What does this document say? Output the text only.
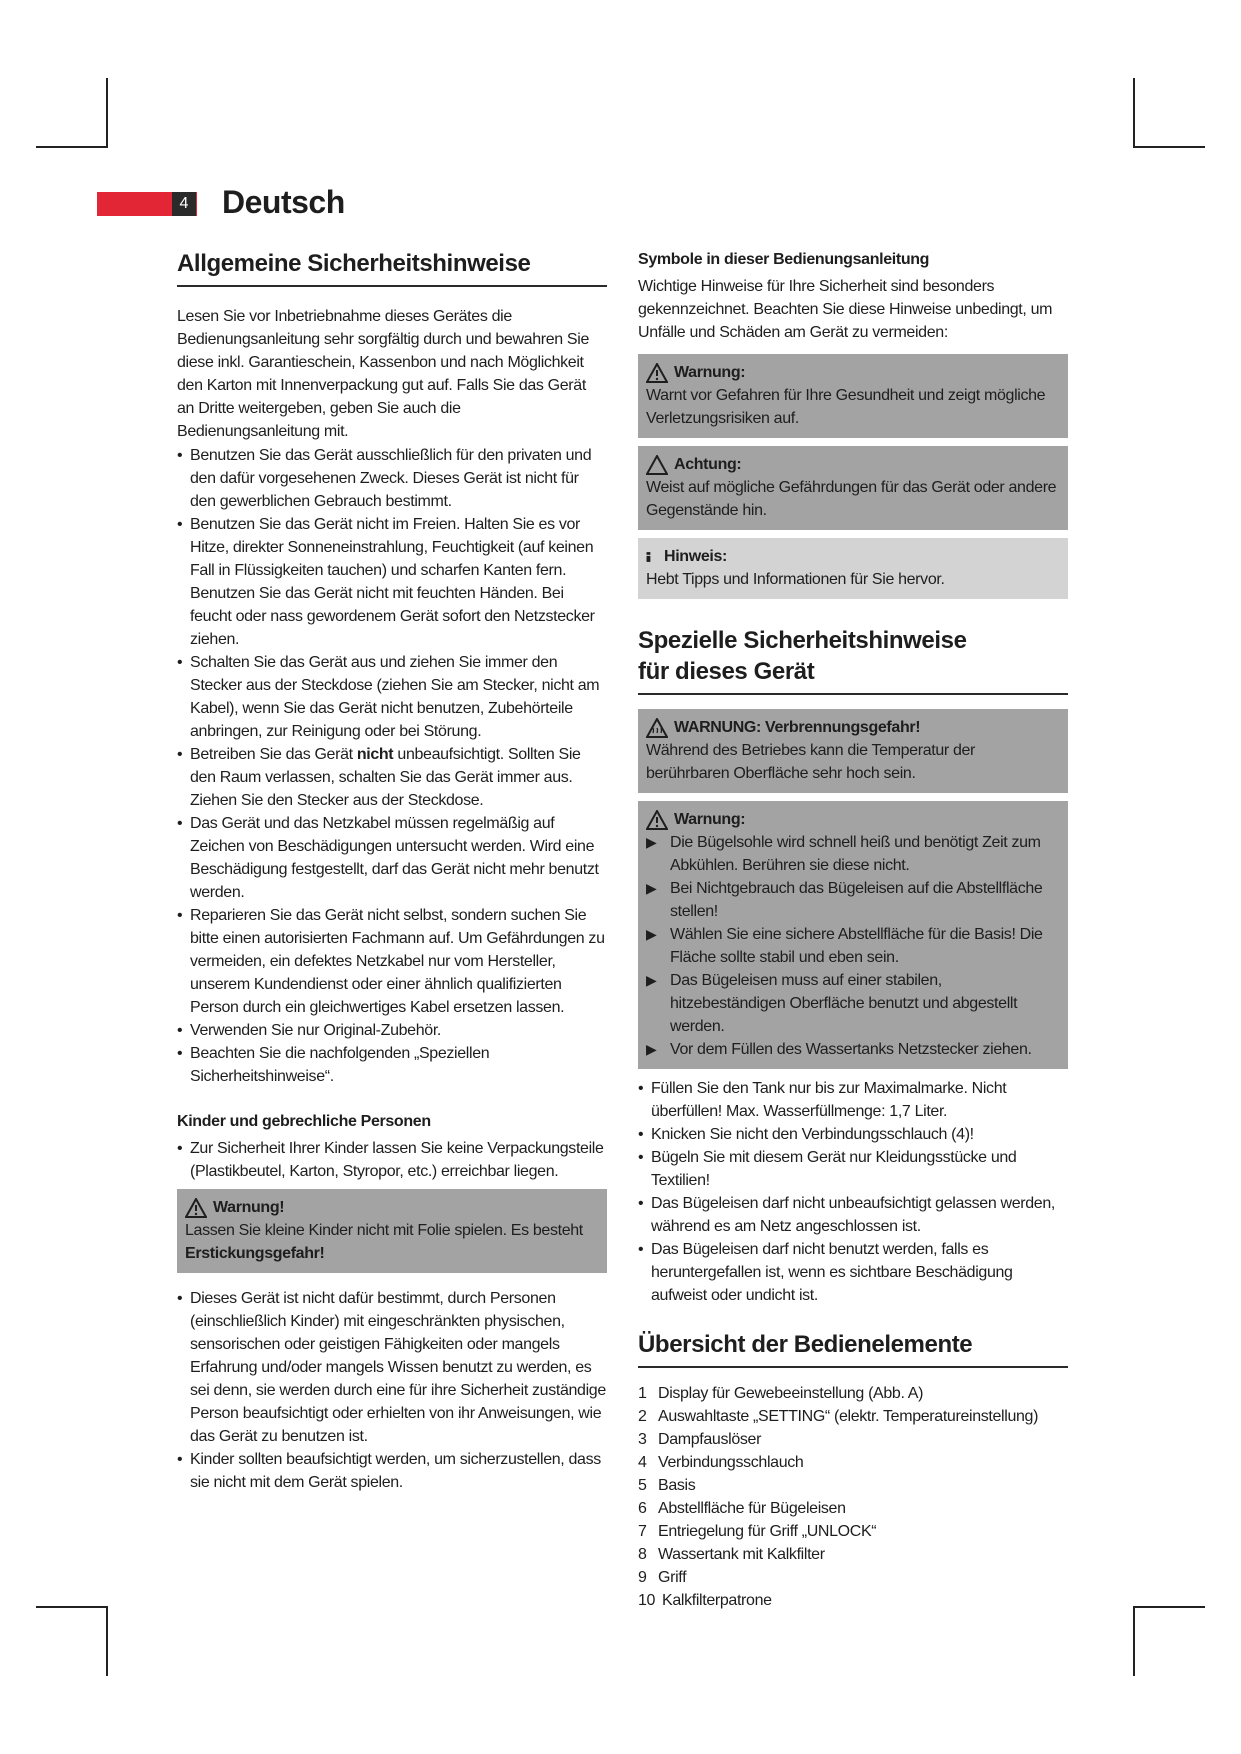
4 Deutsch
Allgemeine Sicherheitshinweise

Lesen Sie vor Inbetriebnahme dieses Gerätes die Bedienungsanleitung sehr sorgfältig durch und bewahren Sie diese inkl. Garantieschein, Kassenbon und nach Möglichkeit den Karton mit Innenverpackung gut auf. Falls Sie das Gerät an Dritte weitergeben, geben Sie auch die Bedienungsanleitung mit.

• Benutzen Sie das Gerät ausschließlich für den privaten und den dafür vorgesehenen Zweck. Dieses Gerät ist nicht für den gewerblichen Gebrauch bestimmt.
• Benutzen Sie das Gerät nicht im Freien. Halten Sie es vor Hitze, direkter Sonneneinstrahlung, Feuchtigkeit (auf keinen Fall in Flüssigkeiten tauchen) und scharfen Kanten fern. Benutzen Sie das Gerät nicht mit feuchten Händen. Bei feucht oder nass gewordenem Gerät sofort den Netzstecker ziehen.
• Schalten Sie das Gerät aus und ziehen Sie immer den Stecker aus der Steckdose (ziehen Sie am Stecker, nicht am Kabel), wenn Sie das Gerät nicht benutzen, Zubehörteile anbringen, zur Reinigung oder bei Störung.
• Betreiben Sie das Gerät nicht unbeaufsichtigt. Sollten Sie den Raum verlassen, schalten Sie das Gerät immer aus. Ziehen Sie den Stecker aus der Steckdose.
• Das Gerät und das Netzkabel müssen regelmäßig auf Zeichen von Beschädigungen untersucht werden. Wird eine Beschädigung festgestellt, darf das Gerät nicht mehr benutzt werden.
• Reparieren Sie das Gerät nicht selbst, sondern suchen Sie bitte einen autorisierten Fachmann auf. Um Gefährdungen zu vermeiden, ein defektes Netzkabel nur vom Hersteller, unserem Kundendienst oder einer ähnlich qualifizierten Person durch ein gleichwertiges Kabel ersetzen lassen.
• Verwenden Sie nur Original-Zubehör.
• Beachten Sie die nachfolgenden „Speziellen Sicherheitshinweise“.
Kinder und gebrechliche Personen
• Zur Sicherheit Ihrer Kinder lassen Sie keine Verpackungsteile (Plastikbeutel, Karton, Styropor, etc.) erreichbar liegen.
Warnung!

Lassen Sie kleine Kinder nicht mit Folie spielen. Es besteht

Erstickungsgefahr!

• Dieses Gerät ist nicht dafür bestimmt, durch Personen (einschließlich Kinder) mit eingeschränkten physischen, sensorischen oder geistigen Fähigkeiten oder mangels Erfahrung und/oder mangels Wissen benutzt zu werden, es sei denn, sie werden durch eine für ihre Sicherheit zuständige Person beaufsichtigt oder erhielten von ihr Anweisungen, wie das Gerät zu benutzen ist.
• Kinder sollten beaufsichtigt werden, um sicherzustellen, dass sie nicht mit dem Gerät spielen.
Symbole in dieser Bedienungsanleitung

Wichtige Hinweise für Ihre Sicherheit sind besonders gekennzeichnet. Beachten Sie diese Hinweise unbedingt, um Unfälle und Schäden am Gerät zu vermeiden:

Warnung:

Warnt vor Gefahren für Ihre Gesundheit und zeigt mögliche Verletzungsrisiken auf.

Achtung:

Weist auf mögliche Gefährdungen für das Gerät oder andere Gegenstände hin.

Hinweis:

Hebt Tipps und Informationen für Sie hervor.

Spezielle Sicherheitshinweise
für dieses Gerät
WARNUNG: Verbrennungsgefahr!

Während des Betriebes kann die Temperatur der berührbaren Oberfläche sehr hoch sein.

Warnung:
▶ Die Bügelsohle wird schnell heiß und benötigt Zeit zum Abkühlen. Berühren sie diese nicht.
▶ Bei Nichtgebrauch das Bügeleisen auf die Abstellfläche stellen!
▶ Wählen Sie eine sichere Abstellfläche für die Basis! Die Fläche sollte stabil und eben sein.
▶ Das Bügeleisen muss auf einer stabilen, hitzebeständigen Oberfläche benutzt und abgestellt werden.
▶ Vor dem Füllen des Wassertanks Netzstecker ziehen.
• Füllen Sie den Tank nur bis zur Maximalmarke. Nicht überfüllen! Max. Wasserfüllmenge: 1,7 Liter.
• Knicken Sie nicht den Verbindungsschlauch (4)!
• Bügeln Sie mit diesem Gerät nur Kleidungsstücke und Textilien!
• Das Bügeleisen darf nicht unbeaufsichtigt gelassen werden, während es am Netz angeschlossen ist.
• Das Bügeleisen darf nicht benutzt werden, falls es heruntergefallen ist, wenn es sichtbare Beschädigung aufweist oder undicht ist.
Übersicht der Bedienelemente
1 Display für Gewebeeinstellung (Abb. A)
2 Auswahltaste „SETTING“ (elektr. Temperatureinstellung)
3 Dampfauslöser
4 Verbindungsschlauch
5 Basis
6 Abstellfläche für Bügeleisen
7 Entriegelung für Griff „UNLOCK“
8 Wassertank mit Kalkfilter
9 Griff
10 Kalkfilterpatrone
